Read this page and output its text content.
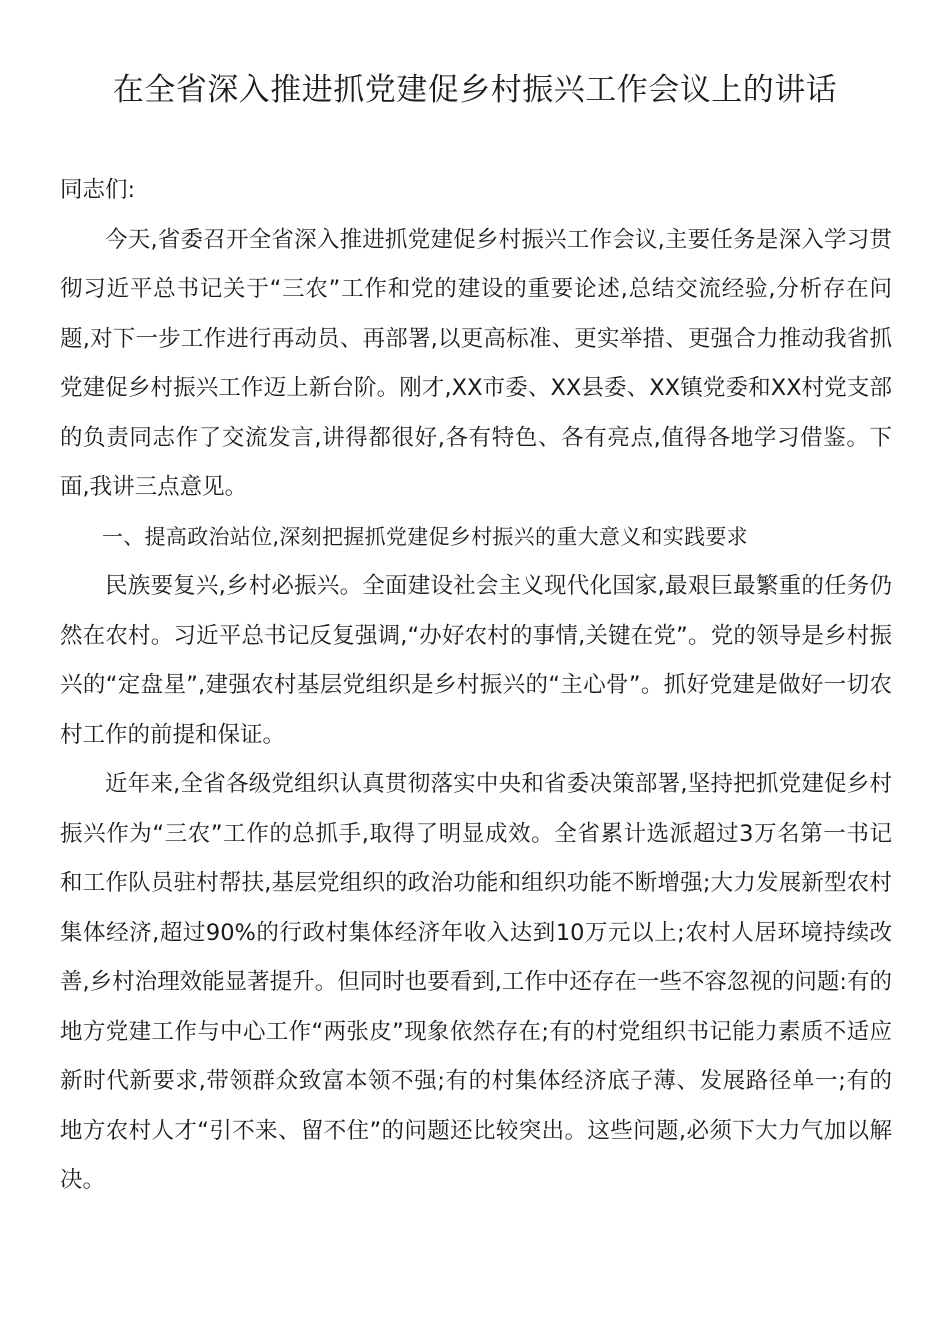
在全省深入推进抓党建促乡村振兴工作会议上的讲话

同志们:

今天,省委召开全省深入推进抓党建促乡村振兴工作会议,主要任务是深入学习贯彻习近平总书记关于“三农”工作和党的建设的重要论述,总结交流经验,分析存在问题,对下一步工作进行再动员、再部署,以更高标准、更实举措、更强合力推动我省抓党建促乡村振兴工作迈上新台阶。刚才,XX市委、XX县委、XX镇党委和XX村党支部的负责同志作了交流发言,讲得都很好,各有特色、各有亮点,值得各地学习借鉴。下面,我讲三点意见。

一、提高政治站位,深刻把握抓党建促乡村振兴的重大意义和实践要求

民族要复兴,乡村必振兴。全面建设社会主义现代化国家,最艰巨最繁重的任务仍然在农村。习近平总书记反复强调,“办好农村的事情,关键在党”。党的领导是乡村振兴的“定盘星”,建强农村基层党组织是乡村振兴的“主心骨”。抓好党建是做好一切农村工作的前提和保证。

近年来,全省各级党组织认真贯彻落实中央和省委决策部署,坚持把抓党建促乡村振兴作为“三农”工作的总抓手,取得了明显成效。全省累计选派超过3万名第一书记和工作队员驻村帮扶,基层党组织的政治功能和组织功能不断增强;大力发展新型农村集体经济,超过90%的行政村集体经济年收入达到10万元以上;农村人居环境持续改善,乡村治理效能显著提升。但同时也要看到,工作中还存在一些不容忽视的问题:有的地方党建工作与中心工作“两张皮”现象依然存在;有的村党组织书记能力素质不适应新时代新要求,带领群众致富本领不强;有的村集体经济底子薄、发展路径单一;有的地方农村人才“引不来、留不住”的问题还比较突出。这些问题,必须下大力气加以解决。
